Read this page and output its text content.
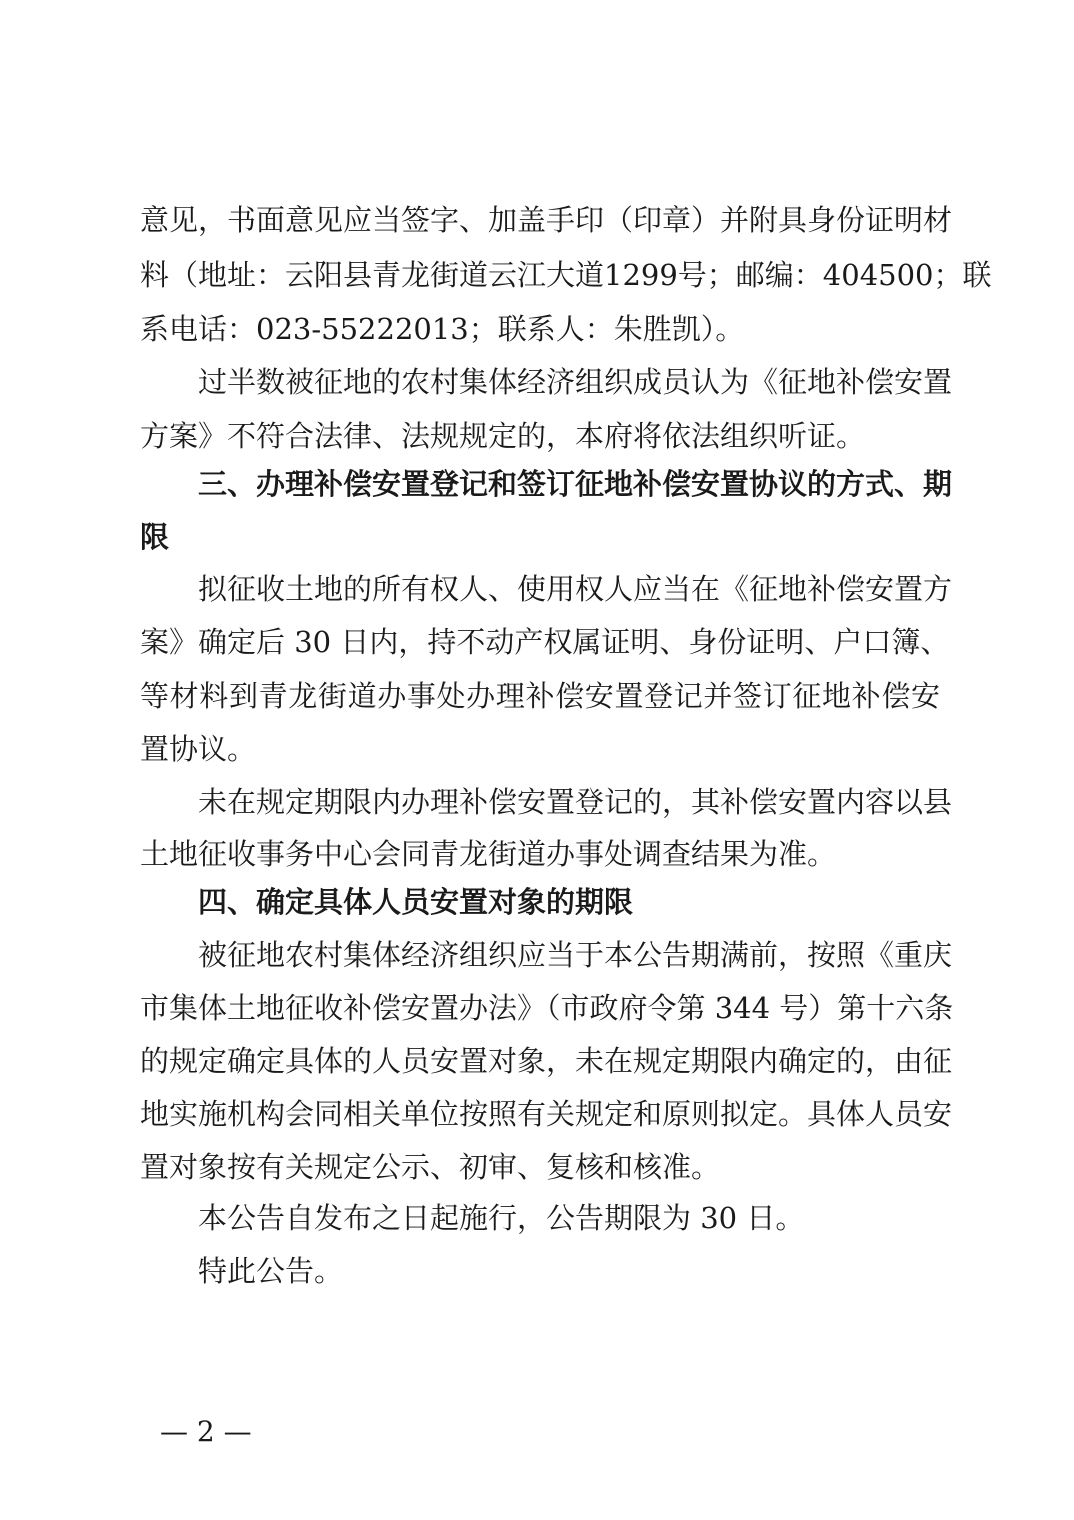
意见，书面意见应当签字、加盖手印（印章）并附具身份证明材
料（地址：云阳县青龙街道云江大道1299号；邮编：404500；联
系电话：023-55222013；联系人：朱胜凯）。
过半数被征地的农村集体经济组织成员认为《征地补偿安置
方案》不符合法律、法规规定的，本府将依法组织听证。
三、办理补偿安置登记和签订征地补偿安置协议的方式、期
限
拟征收土地的所有权人、使用权人应当在《征地补偿安置方
案》确定后 30 日内，持不动产权属证明、身份证明、户口簿、
等材料到青龙街道办事处办理补偿安置登记并签订征地补偿安
置协议。
未在规定期限内办理补偿安置登记的，其补偿安置内容以县
土地征收事务中心会同青龙街道办事处调查结果为准。
四、确定具体人员安置对象的期限
被征地农村集体经济组织应当于本公告期满前，按照《重庆
市集体土地征收补偿安置办法》（市政府令第 344 号）第十六条
的规定确定具体的人员安置对象，未在规定期限内确定的，由征
地实施机构会同相关单位按照有关规定和原则拟定。具体人员安
置对象按有关规定公示、初审、复核和核准。
本公告自发布之日起施行，公告期限为 30 日。
特此公告。
— 2 —
